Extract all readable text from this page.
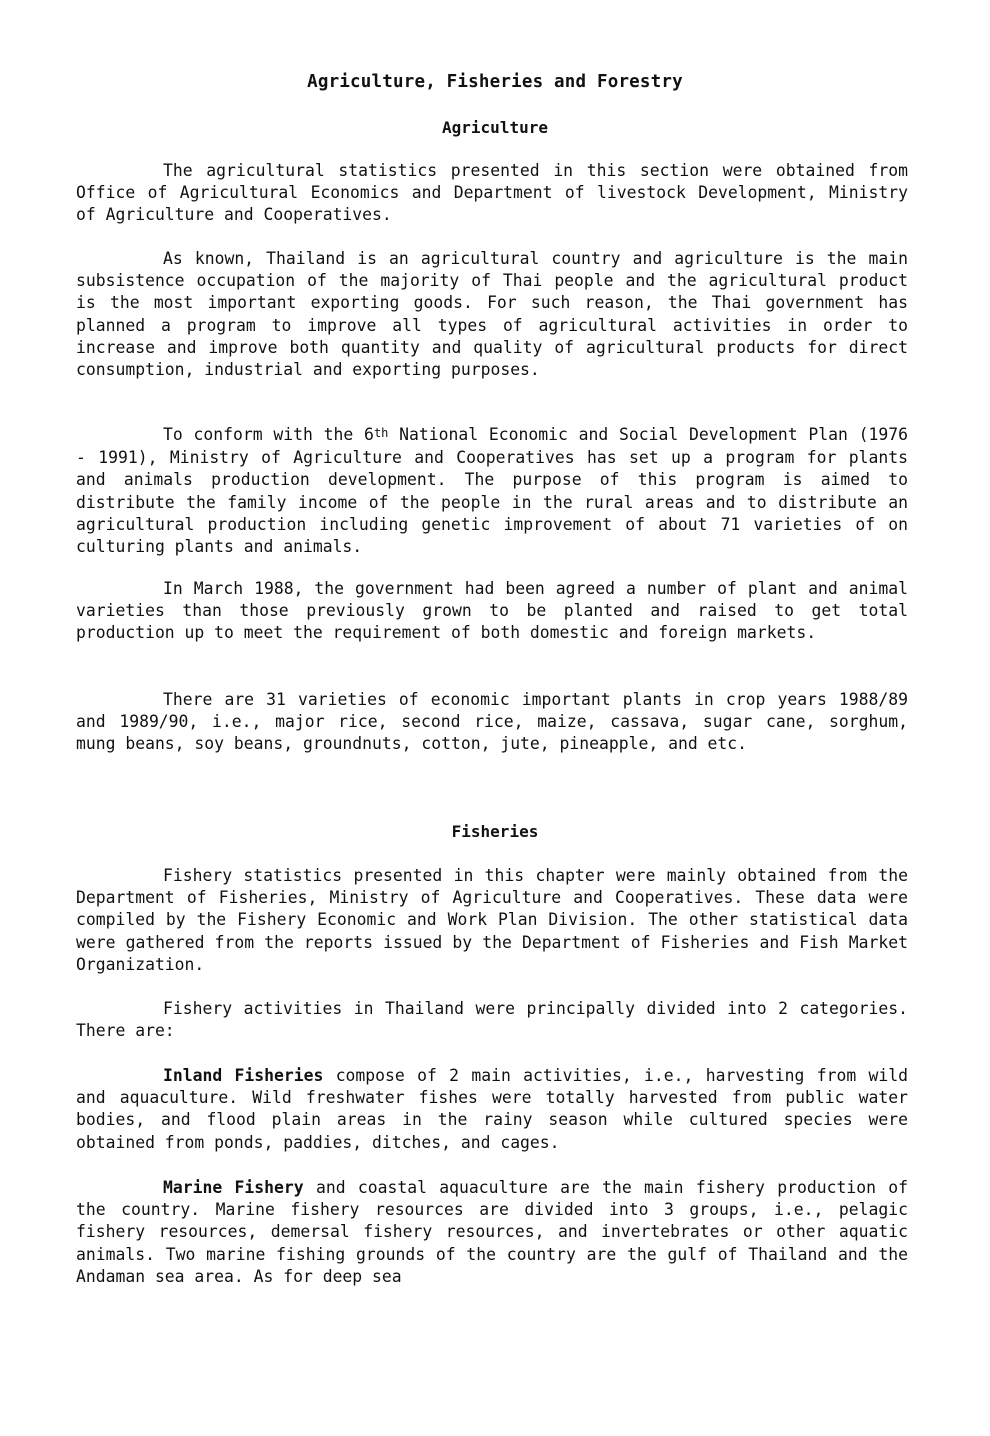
Agriculture, Fisheries and Forestry
Agriculture

The agricultural statistics presented in this section were obtained from Office of Agricultural Economics and Department of livestock Development, Ministry of Agriculture and Cooperatives.

As known, Thailand is an agricultural country and agriculture is the main subsistence occupation of the majority of Thai people and the agricultural product is the most important exporting goods. For such reason, the Thai government has planned a program to improve all types of agricultural activities in order to increase and improve both quantity and quality of agricultural products for direct consumption, industrial and exporting purposes.

To conform with the 6th National Economic and Social Development Plan (1976 - 1991), Ministry of Agriculture and Cooperatives has set up a program for plants and animals production development. The purpose of this program is aimed to distribute the family income of the people in the rural areas and to distribute an agricultural production including genetic improvement of about 71 varieties of on culturing plants and animals.

In March 1988, the government had been agreed a number of plant and animal varieties than those previously grown to be planted and raised to get total production up to meet the requirement of both domestic and foreign markets.

There are 31 varieties of economic important plants in crop years 1988/89 and 1989/90, i.e., major rice, second rice, maize, cassava, sugar cane, sorghum, mung beans, soy beans, groundnuts, cotton, jute, pineapple, and etc.

Fisheries

Fishery statistics presented in this chapter were mainly obtained from the Department of Fisheries, Ministry of Agriculture and Cooperatives. These data were compiled by the Fishery Economic and Work Plan Division. The other statistical data were gathered from the reports issued by the Department of Fisheries and Fish Market Organization.

Fishery activities in Thailand were principally divided into 2 categories. There are:

Inland Fisheries compose of 2 main activities, i.e., harvesting from wild and aquaculture. Wild freshwater fishes were totally harvested from public water bodies, and flood plain areas in the rainy season while cultured species were obtained from ponds, paddies, ditches, and cages.

Marine Fishery and coastal aquaculture are the main fishery production of the country. Marine fishery resources are divided into 3 groups, i.e., pelagic fishery resources, demersal fishery resources, and invertebrates or other aquatic animals. Two marine fishing grounds of the country are the gulf of Thailand and the Andaman sea area. As for deep sea
